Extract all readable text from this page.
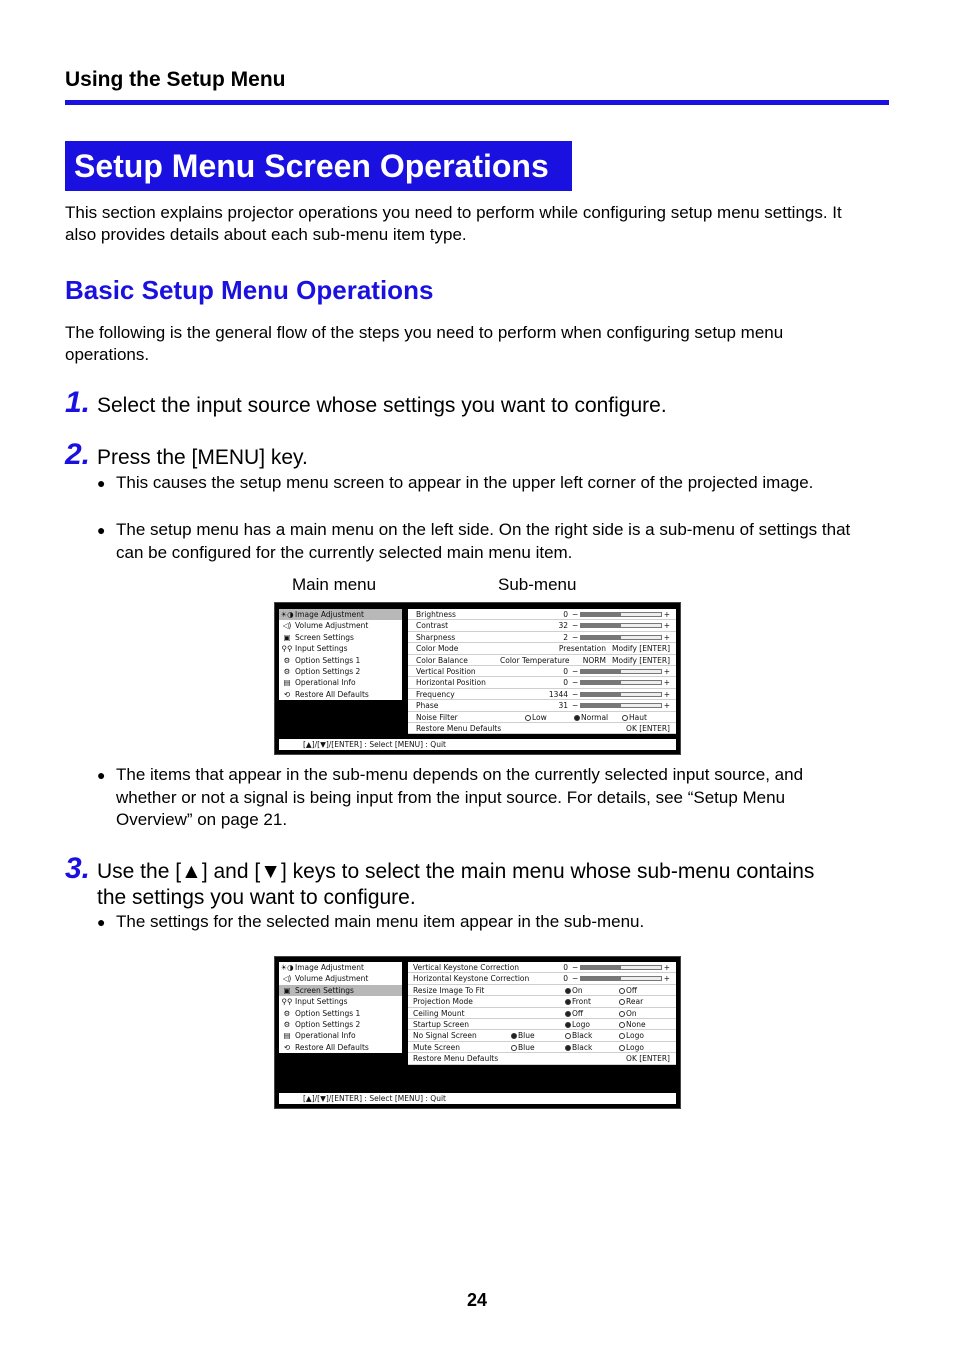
Using the Setup Menu
Setup Menu Screen Operations
This section explains projector operations you need to perform while configuring setup menu settings. It also provides details about each sub-menu item type.
Basic Setup Menu Operations
The following is the general flow of the steps you need to perform when configuring setup menu operations.
1. Select the input source whose settings you want to configure.
2. Press the [MENU] key.
● This causes the setup menu screen to appear in the upper left corner of the projected image.
● The setup menu has a main menu on the left side. On the right side is a sub-menu of settings that can be configured for the currently selected main menu item.
Main menu	Sub-menu
☀◑ Image Adjustment
◁) Volume Adjustment
▣ Screen Settings
⚲⚲ Input Settings
⚙ Option Settings 1
⚙ Option Settings 2
▤ Operational Info
⟲ Restore All Defaults
Brightness	0 −	+
Contrast	32 −	+
Sharpness	2 −	+
Color Mode	Presentation Modify [ENTER]
Color Balance	Color Temperature	NORM Modify [ENTER]
Vertical Position	0 −	+
Horizontal Position	0 −	+
Frequency	1344 −	+
Phase	31 −	+
Noise Filter	Low	Normal	Haut
Restore Menu Defaults	OK [ENTER]
[▲]/[▼]/[ENTER] : Select [MENU] : Quit
● The items that appear in the sub-menu depends on the currently selected input source, and whether or not a signal is being input from the input source. For details, see “Setup Menu Overview” on page 21.
3. Use the [▲] and [▼] keys to select the main menu whose sub-menu contains the settings you want to configure.
● The settings for the selected main menu item appear in the sub-menu.
☀◑ Image Adjustment
◁) Volume Adjustment
▣ Screen Settings
⚲⚲ Input Settings
⚙ Option Settings 1
⚙ Option Settings 2
▤ Operational Info
⟲ Restore All Defaults
Vertical Keystone Correction	0 −	+
Horizontal Keystone Correction	0 −	+
Resize Image To Fit	On	Off
Projection Mode	Front	Rear
Ceiling Mount	Off	On
Startup Screen	Logo	None
No Signal Screen	Blue	Black	Logo
Mute Screen	Blue	Black	Logo
Restore Menu Defaults	OK [ENTER]
[▲]/[▼]/[ENTER] : Select [MENU] : Quit
24
